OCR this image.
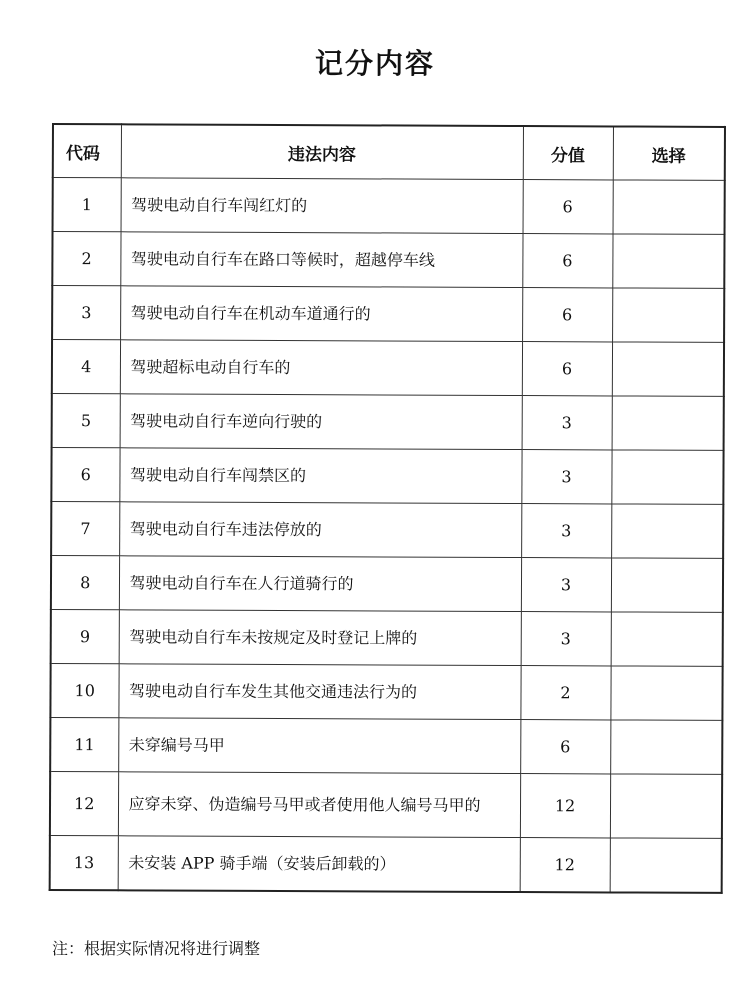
记分内容
代码	违法内容	分值	选择
1	驾驶电动自行车闯红灯的	6	
2	驾驶电动自行车在路口等候时，超越停车线	6	
3	驾驶电动自行车在机动车道通行的	6	
4	驾驶超标电动自行车的	6	
5	驾驶电动自行车逆向行驶的	3	
6	驾驶电动自行车闯禁区的	3	
7	驾驶电动自行车违法停放的	3	
8	驾驶电动自行车在人行道骑行的	3	
9	驾驶电动自行车未按规定及时登记上牌的	3	
10	驾驶电动自行车发生其他交通违法行为的	2	
11	未穿编号马甲	6	
12	应穿未穿、伪造编号马甲或者使用他人编号马甲的	12	
13	未安装 APP 骑手端（安装后卸载的）	12	
注：根据实际情况将进行调整
